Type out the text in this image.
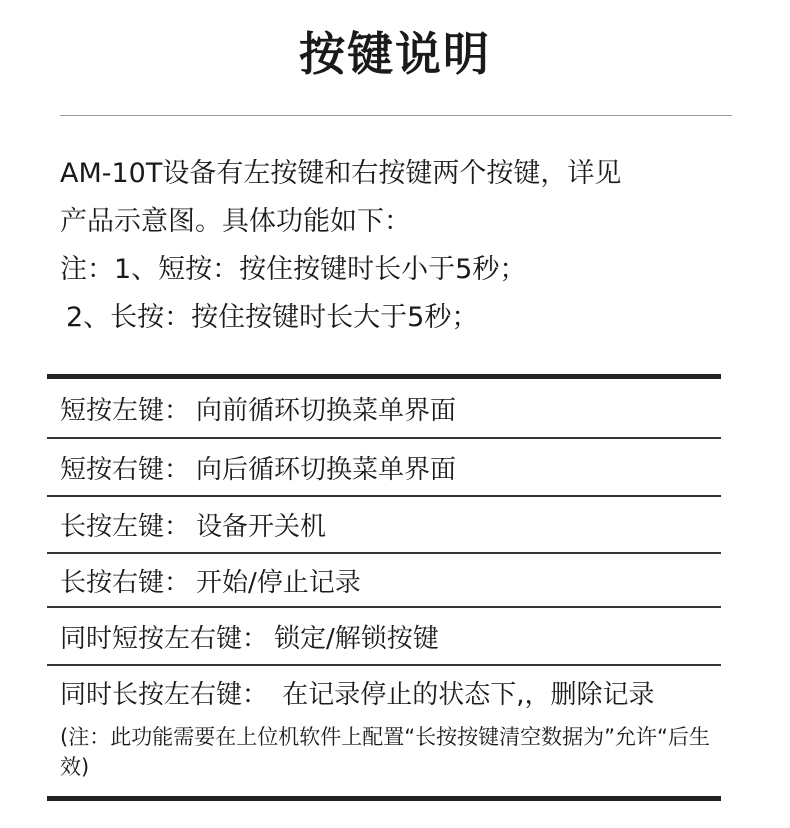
按键说明

AM-10T设备有左按键和右按键两个按键，详见

产品示意图。具体功能如下：

注：1、短按：按住按键时长小于5秒；

2、长按：按住按键时长大于5秒；

短按左键： 向前循环切换菜单界面
短按右键： 向后循环切换菜单界面
长按左键： 设备开关机
长按右键： 开始/停止记录
同时短按左右键： 锁定/解锁按键
同时长按左右键： 在记录停止的状态下,，删除记录
(注：此功能需要在上位机软件上配置“长按按键清空数据为”允许“后生效)
